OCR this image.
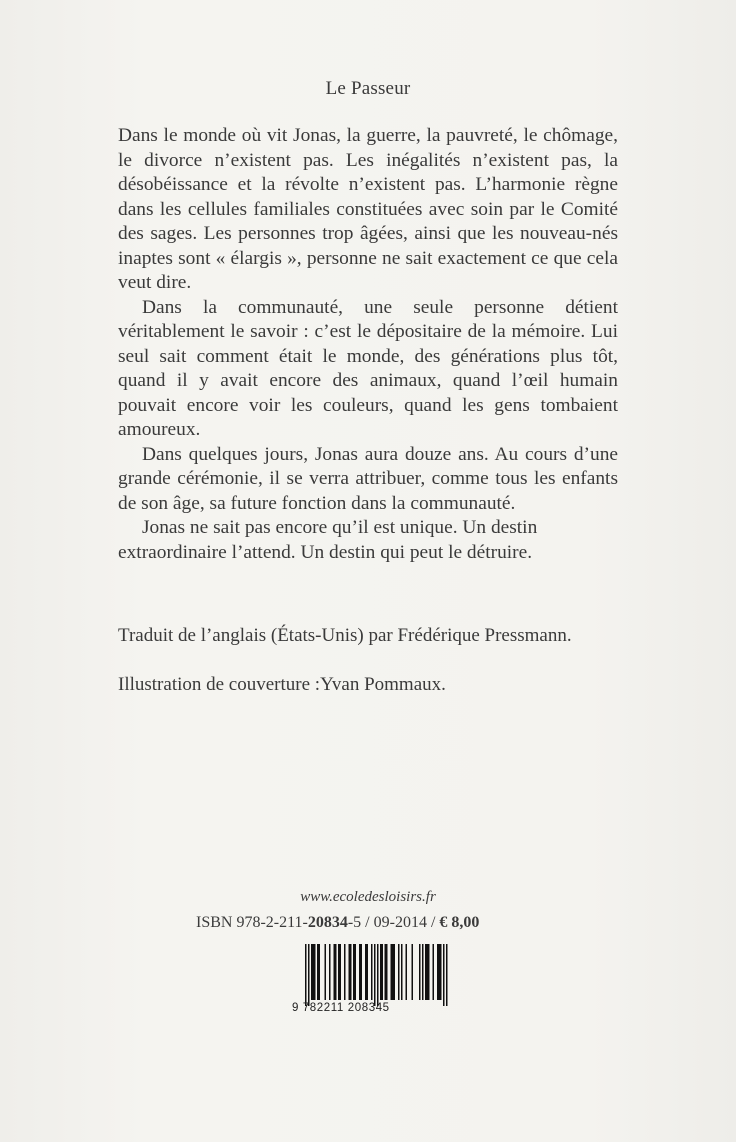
Le Passeur

Dans le monde où vit Jonas, la guerre, la pauvreté, le chômage, le divorce n’existent pas. Les inégalités n’existent pas, la désobéissance et la révolte n’existent pas. L’harmonie règne dans les cellules familiales constituées avec soin par le Comité des sages. Les personnes trop âgées, ainsi que les nouveau-nés inaptes sont « élargis », personne ne sait exactement ce que cela veut dire.

Dans la communauté, une seule personne détient véritablement le savoir : c’est le dépositaire de la mémoire. Lui seul sait comment était le monde, des générations plus tôt, quand il y avait encore des animaux, quand l’œil humain pouvait encore voir les couleurs, quand les gens tombaient amoureux.

Dans quelques jours, Jonas aura douze ans. Au cours d’une grande cérémonie, il se verra attribuer, comme tous les enfants de son âge, sa future fonction dans la communauté.

Jonas ne sait pas encore qu’il est unique. Un destin extraordinaire l’attend. Un destin qui peut le détruire.

Traduit de l’anglais (États-Unis) par Frédérique Pressmann.
Illustration de couverture :Yvan Pommaux.
www.ecoledesloisirs.fr
ISBN 978-2-211-20834-5 / 09-2014 / € 8,00
9 782211 208345
